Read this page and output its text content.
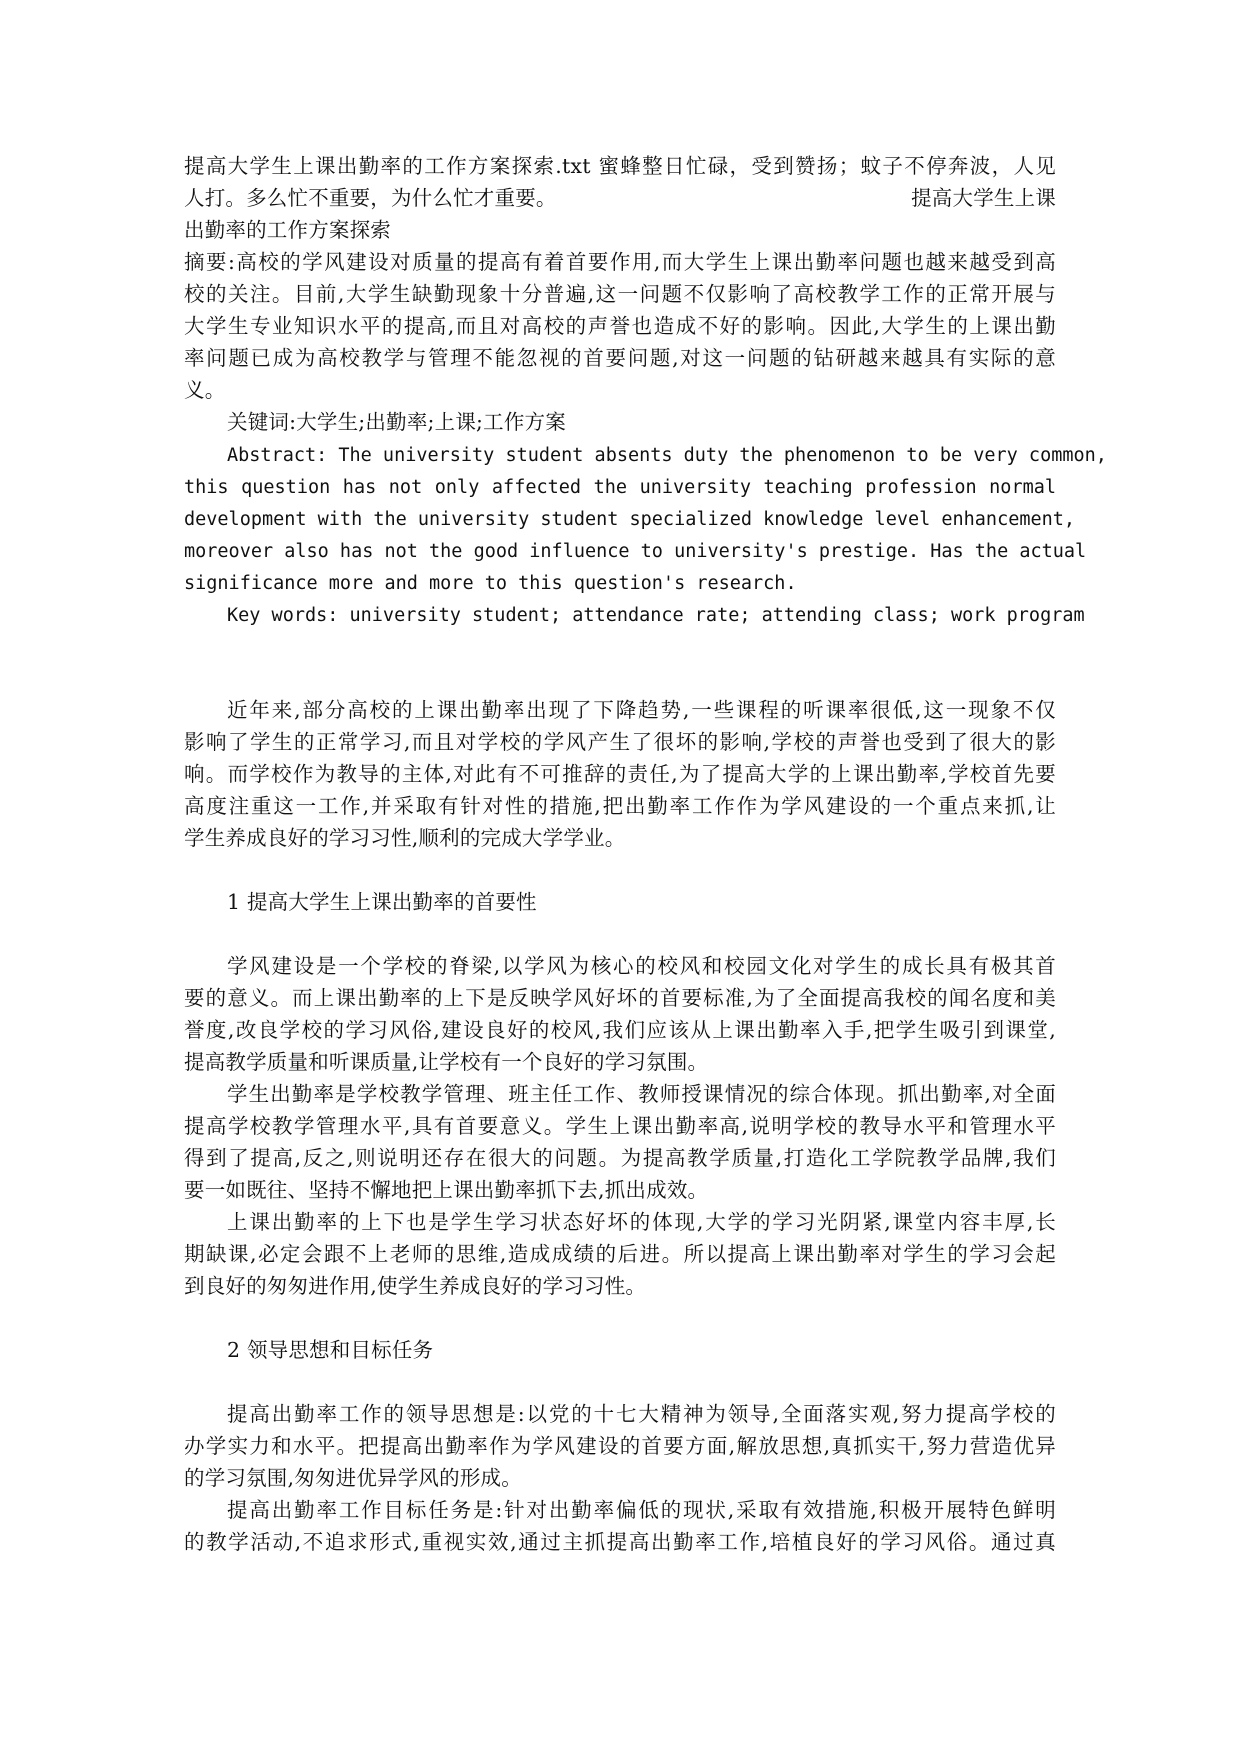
提高大学生上课出勤率的工作方案探索.txt 蜜蜂整日忙碌，受到赞扬；蚊子不停奔波，人见
人打。多么忙不重要，为什么忙才重要。	提高大学生上课
出勤率的工作方案探索
摘要:高校的学风建设对质量的提高有着首要作用,而大学生上课出勤率问题也越来越受到高
校的关注。目前,大学生缺勤现象十分普遍,这一问题不仅影响了高校教学工作的正常开展与
大学生专业知识水平的提高,而且对高校的声誉也造成不好的影响。因此,大学生的上课出勤
率问题已成为高校教学与管理不能忽视的首要问题,对这一问题的钻研越来越具有实际的意
义。
关键词:大学生;出勤率;上课;工作方案
Abstract: The university student absents duty the phenomenon to be very common,
this question has not only affected the university teaching profession normal
development with the university student specialized knowledge level enhancement,
moreover also has not the good influence to university's prestige. Has the actual
significance more and more to this question's research.
Key words: university student; attendance rate; attending class; work program
近年来,部分高校的上课出勤率出现了下降趋势,一些课程的听课率很低,这一现象不仅
影响了学生的正常学习,而且对学校的学风产生了很坏的影响,学校的声誉也受到了很大的影
响。而学校作为教导的主体,对此有不可推辞的责任,为了提高大学的上课出勤率,学校首先要
高度注重这一工作,并采取有针对性的措施,把出勤率工作作为学风建设的一个重点来抓,让
学生养成良好的学习习性,顺利的完成大学学业。
1 提高大学生上课出勤率的首要性
学风建设是一个学校的脊梁,以学风为核心的校风和校园文化对学生的成长具有极其首
要的意义。而上课出勤率的上下是反映学风好坏的首要标准,为了全面提高我校的闻名度和美
誉度,改良学校的学习风俗,建设良好的校风,我们应该从上课出勤率入手,把学生吸引到课堂,
提高教学质量和听课质量,让学校有一个良好的学习氛围。
学生出勤率是学校教学管理、班主任工作、教师授课情况的综合体现。抓出勤率,对全面
提高学校教学管理水平,具有首要意义。学生上课出勤率高,说明学校的教导水平和管理水平
得到了提高,反之,则说明还存在很大的问题。为提高教学质量,打造化工学院教学品牌,我们
要一如既往、坚持不懈地把上课出勤率抓下去,抓出成效。
上课出勤率的上下也是学生学习状态好坏的体现,大学的学习光阴紧,课堂内容丰厚,长
期缺课,必定会跟不上老师的思维,造成成绩的后进。所以提高上课出勤率对学生的学习会起
到良好的匆匆进作用,使学生养成良好的学习习性。
2 领导思想和目标任务
提高出勤率工作的领导思想是:以党的十七大精神为领导,全面落实观,努力提高学校的
办学实力和水平。把提高出勤率作为学风建设的首要方面,解放思想,真抓实干,努力营造优异
的学习氛围,匆匆进优异学风的形成。
提高出勤率工作目标任务是:针对出勤率偏低的现状,采取有效措施,积极开展特色鲜明
的教学活动,不追求形式,重视实效,通过主抓提高出勤率工作,培植良好的学习风俗。通过真
